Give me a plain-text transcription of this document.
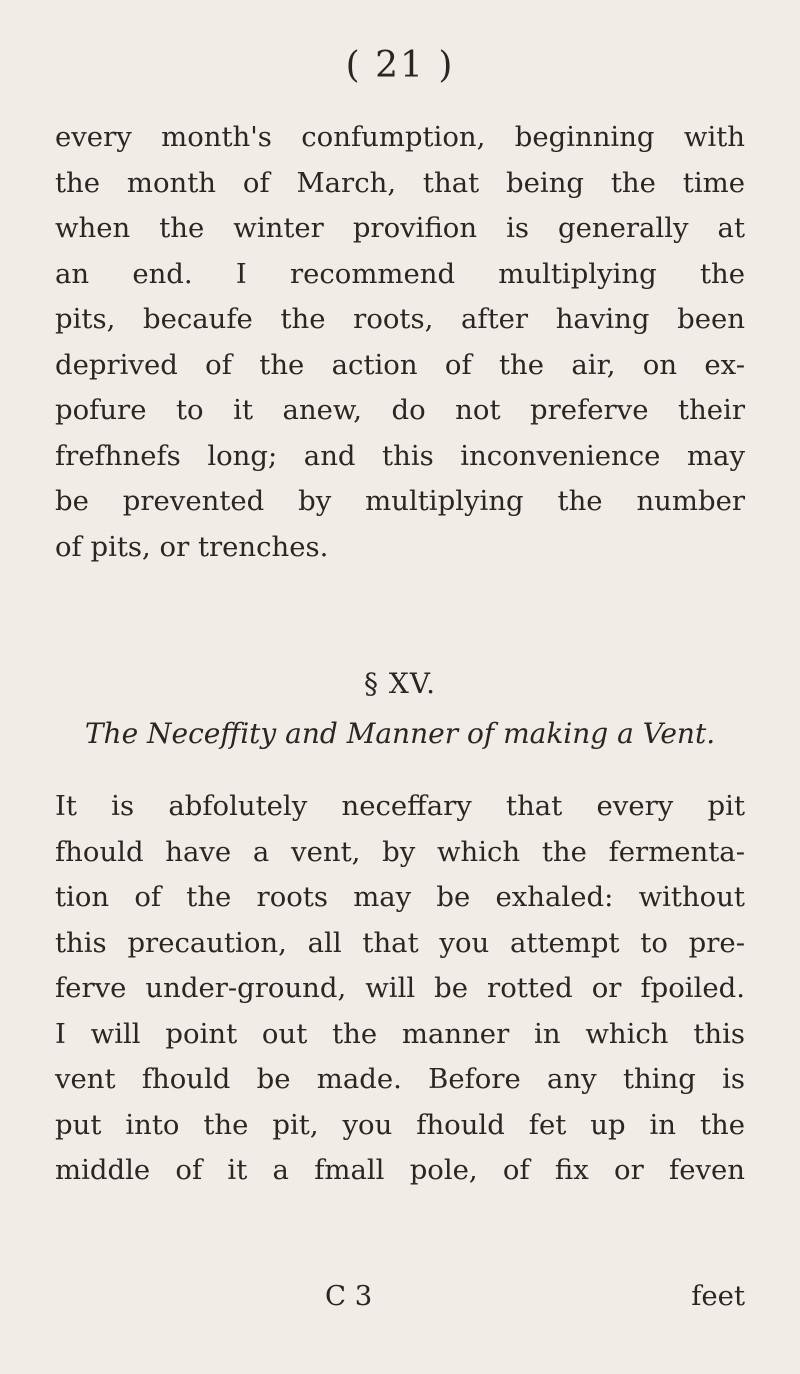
( 21 )
every month's confumption, beginning with
the month of March, that being the time
when the winter provifion is generally at
an end. I recommend multiplying the
pits, becaufe the roots, after having been
deprived of the action of the air, on ex-
pofure to it anew, do not preferve their
frefhnefs long; and this inconvenience may
be prevented by multiplying the number
of pits, or trenches.
§ XV.
The Neceffity and Manner of making a Vent.
It is abfolutely neceffary that every pit
fhould have a vent, by which the fermenta-
tion of the roots may be exhaled: without
this precaution, all that you attempt to pre-
ferve under-ground, will be rotted or fpoiled.
I will point out the manner in which this
vent fhould be made. Before any thing is
put into the pit, you fhould fet up in the
middle of it a fmall pole, of fix or feven
C 3	feet
